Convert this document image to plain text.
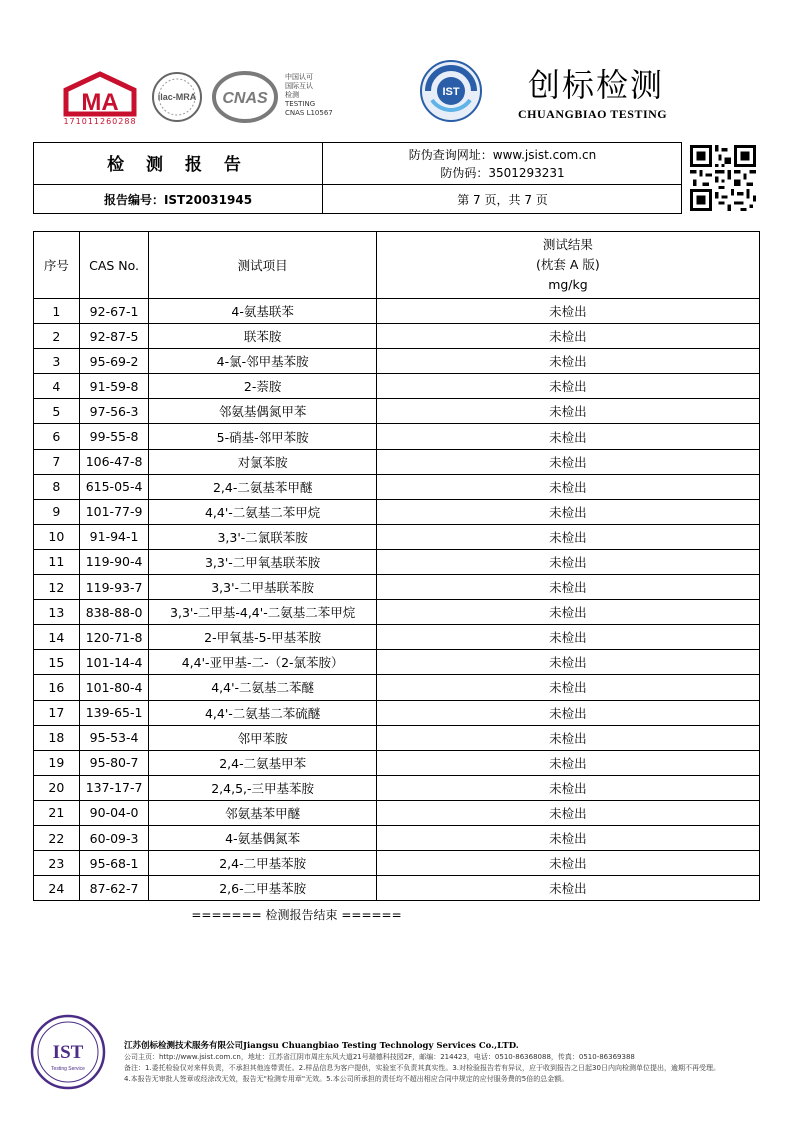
MA
171011260288
ilac-MRA CNAS
中国认可
国际互认
检测
TESTING
CNAS L10567
IST 创标检测
CHUANGBIAO TESTING
检 测 报 告	防伪查询网址：www.jsist.com.cn
防伪码：3501293231
报告编号：IST20031945	第 7 页，共 7 页
序号	CAS No.	测试项目	测试结果
(枕套 A 版)
mg/kg

1	92-67-1	4-氨基联苯	未检出
2	92-87-5	联苯胺	未检出
3	95-69-2	4-氯-邻甲基苯胺	未检出
4	91-59-8	2-萘胺	未检出
5	97-56-3	邻氨基偶氮甲苯	未检出
6	99-55-8	5-硝基-邻甲苯胺	未检出
7	106-47-8	对氯苯胺	未检出
8	615-05-4	2,4-二氨基苯甲醚	未检出
9	101-77-9	4,4'-二氨基二苯甲烷	未检出
10	91-94-1	3,3'-二氯联苯胺	未检出
11	119-90-4	3,3'-二甲氧基联苯胺	未检出
12	119-93-7	3,3'-二甲基联苯胺	未检出
13	838-88-0	3,3'-二甲基-4,4'-二氨基二苯甲烷	未检出
14	120-71-8	2-甲氧基-5-甲基苯胺	未检出
15	101-14-4	4,4'-亚甲基-二-（2-氯苯胺）	未检出
16	101-80-4	4,4'-二氨基二苯醚	未检出
17	139-65-1	4,4'-二氨基二苯硫醚	未检出
18	95-53-4	邻甲苯胺	未检出
19	95-80-7	2,4-二氨基甲苯	未检出
20	137-17-7	2,4,5,-三甲基苯胺	未检出
21	90-04-0	邻氨基苯甲醚	未检出
22	60-09-3	4-氨基偶氮苯	未检出
23	95-68-1	2,4-二甲基苯胺	未检出
24	87-62-7	2,6-二甲基苯胺	未检出
======= 检测报告结束 ======
IST
Testing Service
江苏创标检测技术服务有限公司Jiangsu Chuangbiao Testing Technology Services Co.,LTD.
公司主页：http://www.jsist.com.cn，地址：江苏省江阴市周庄东风大道21号瑞德科技园2F，邮编：214423，电话：0510-86368088，传真：0510-86369388
备注：1.委托检验仅对来样负责，不承担其他连带责任。2.样品信息为客户提供，实验室不负责其真实性。3.对检验报告若有异议，应于收到报告之日起30日内向检测单位提出，逾期不再受理。
4.本报告无审批人签章或经涂改无效，报告无"检测专用章"无效。5.本公司所承担的责任均不超出相应合同中规定的应付服务费的5倍的总金额。
